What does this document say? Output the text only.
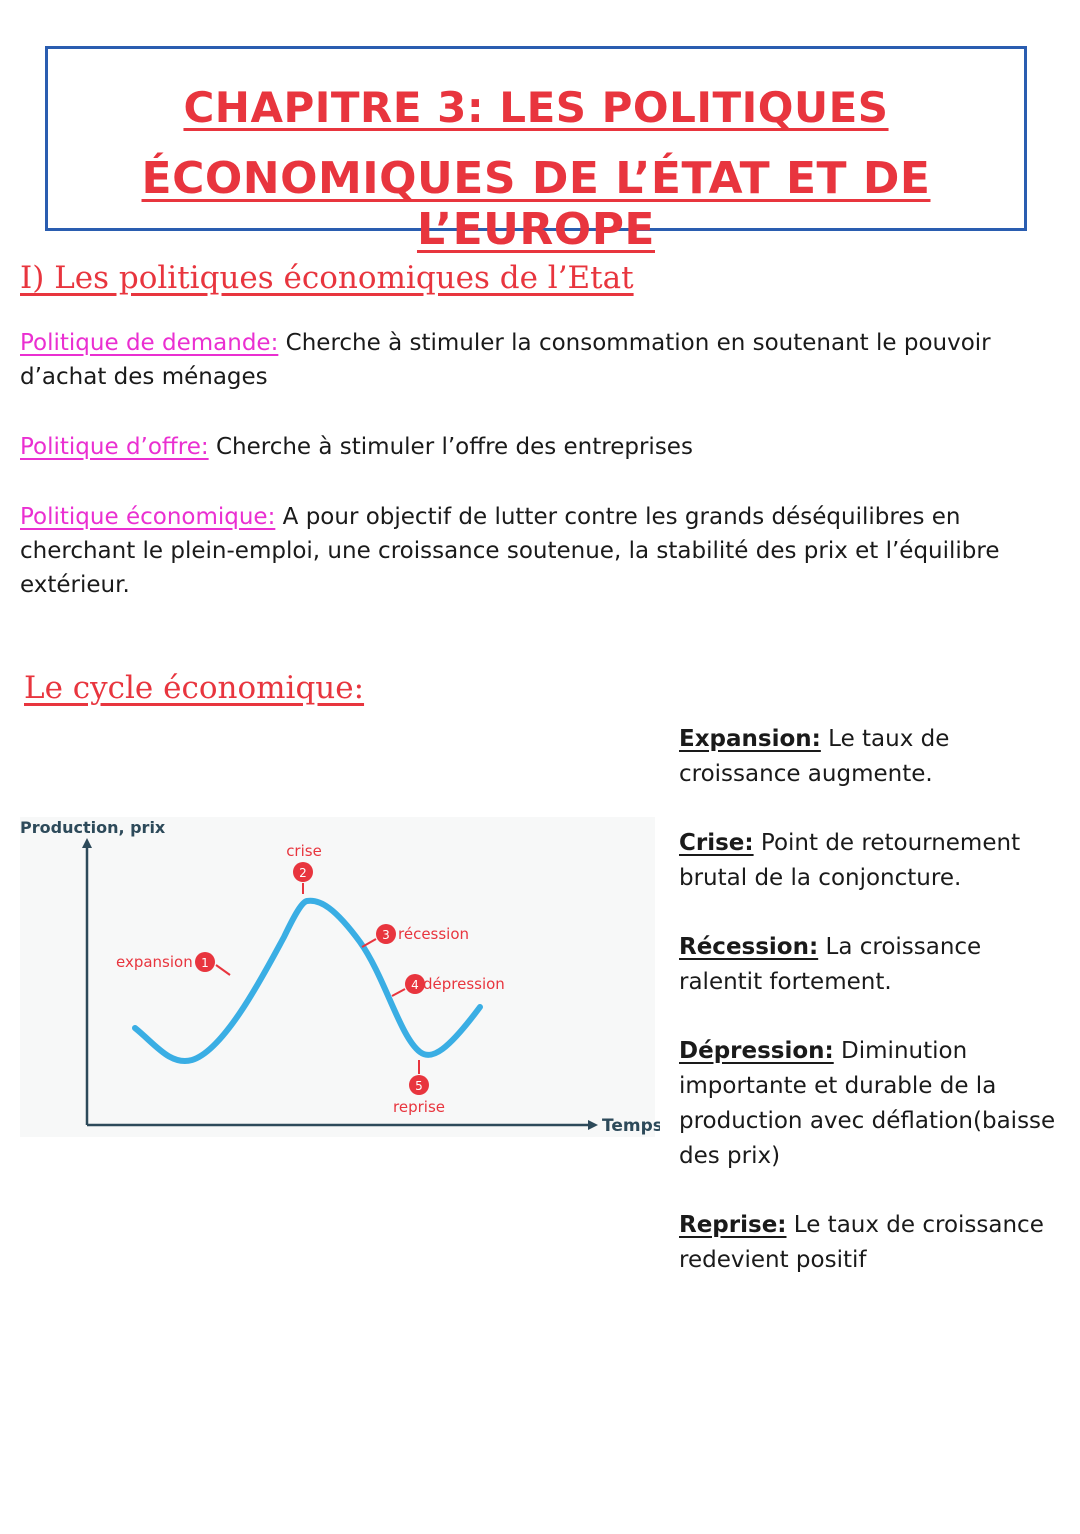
CHAPITRE 3: LES POLITIQUES
ÉCONOMIQUES DE L’ÉTAT ET DE L’EUROPE
I) Les politiques économiques de l’Etat

Politique de demande: Cherche à stimuler la consommation en soutenant le pouvoir d’achat des ménages

Politique d’offre: Cherche à stimuler l’offre des entreprises

Politique économique: A pour objectif de lutter contre les grands déséquilibres en cherchant le plein-emploi, une croissance soutenue, la stabilité des prix et l’équilibre extérieur.

Le cycle économique:
Production, prix
Temps
expansion 1
crise
2
3 récession
4 dépression
5
reprise

Expansion: Le taux de croissance augmente.

Crise: Point de retournement brutal de la conjoncture.

Récession: La croissance ralentit fortement.

Dépression: Diminution importante et durable de la production avec déflation(baisse des prix)

Reprise: Le taux de croissance redevient positif
